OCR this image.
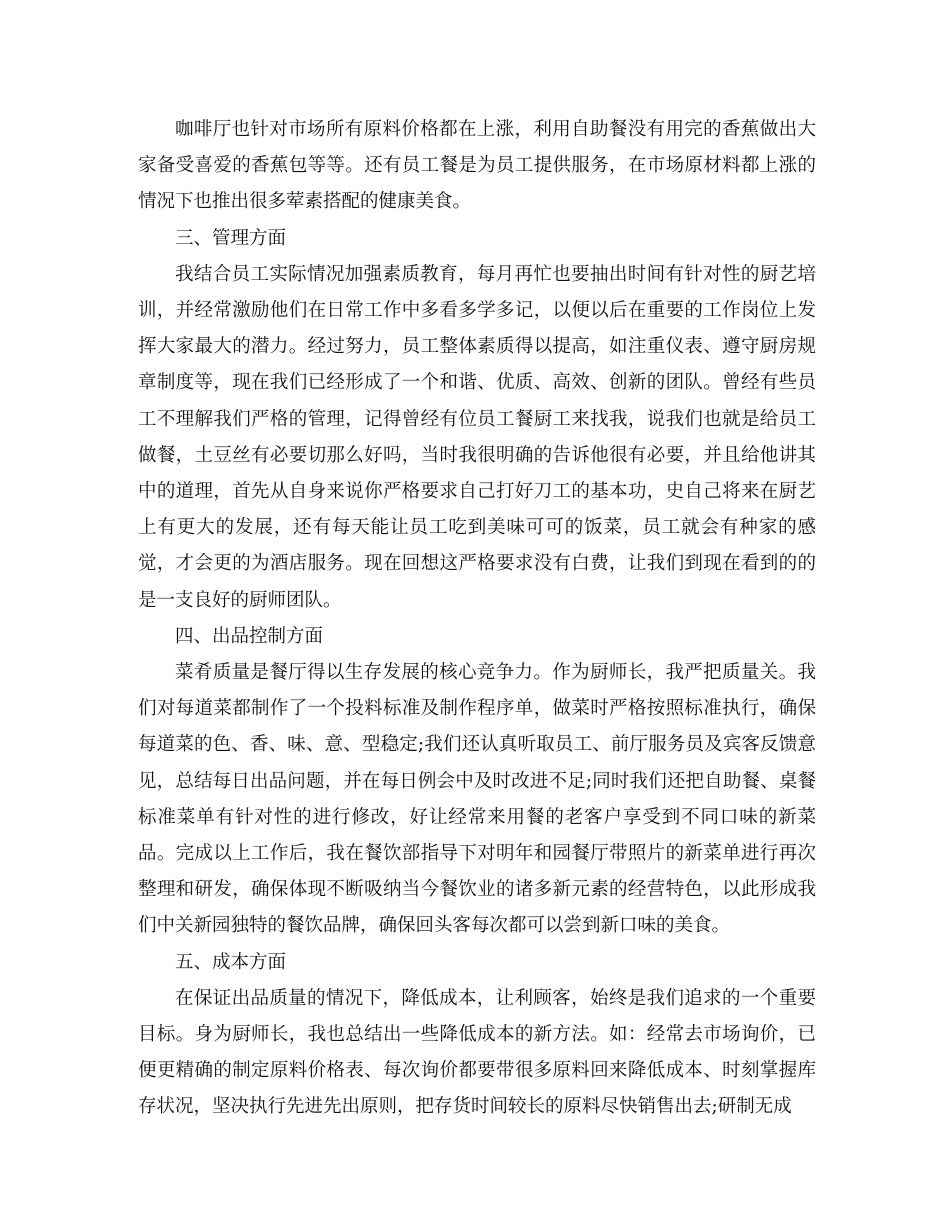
咖啡厅也针对市场所有原料价格都在上涨，利用自助餐没有用完的香蕉做出大家备受喜爱的香蕉包等等。还有员工餐是为员工提供服务，在市场原材料都上涨的情况下也推出很多荤素搭配的健康美食。

三、管理方面

我结合员工实际情况加强素质教育，每月再忙也要抽出时间有针对性的厨艺培训，并经常激励他们在日常工作中多看多学多记，以便以后在重要的工作岗位上发挥大家最大的潜力。经过努力，员工整体素质得以提高，如注重仪表、遵守厨房规章制度等，现在我们已经形成了一个和谐、优质、高效、创新的团队。曾经有些员工不理解我们严格的管理，记得曾经有位员工餐厨工来找我，说我们也就是给员工做餐，土豆丝有必要切那么好吗，当时我很明确的告诉他很有必要，并且给他讲其中的道理，首先从自身来说你严格要求自己打好刀工的基本功，史自己将来在厨艺上有更大的发展，还有每天能让员工吃到美味可可的饭菜，员工就会有种家的感觉，才会更的为酒店服务。现在回想这严格要求没有白费，让我们到现在看到的的是一支良好的厨师团队。

四、出品控制方面

菜肴质量是餐厅得以生存发展的核心竞争力。作为厨师长，我严把质量关。我们对每道菜都制作了一个投料标准及制作程序单，做菜时严格按照标准执行，确保每道菜的色、香、味、意、型稳定;我们还认真听取员工、前厅服务员及宾客反馈意见，总结每日出品问题，并在每日例会中及时改进不足;同时我们还把自助餐、桌餐标准菜单有针对性的进行修改，好让经常来用餐的老客户享受到不同口味的新菜品。完成以上工作后，我在餐饮部指导下对明年和园餐厅带照片的新菜单进行再次整理和研发，确保体现不断吸纳当今餐饮业的诸多新元素的经营特色，以此形成我们中关新园独特的餐饮品牌，确保回头客每次都可以尝到新口味的美食。

五、成本方面

在保证出品质量的情况下，降低成本，让利顾客，始终是我们追求的一个重要目标。身为厨师长，我也总结出一些降低成本的新方法。如：经常去市场询价，已便更精确的制定原料价格表、每次询价都要带很多原料回来降低成本、时刻掌握库存状况，坚决执行先进先出原则，把存货时间较长的原料尽快销售出去;研制无成
